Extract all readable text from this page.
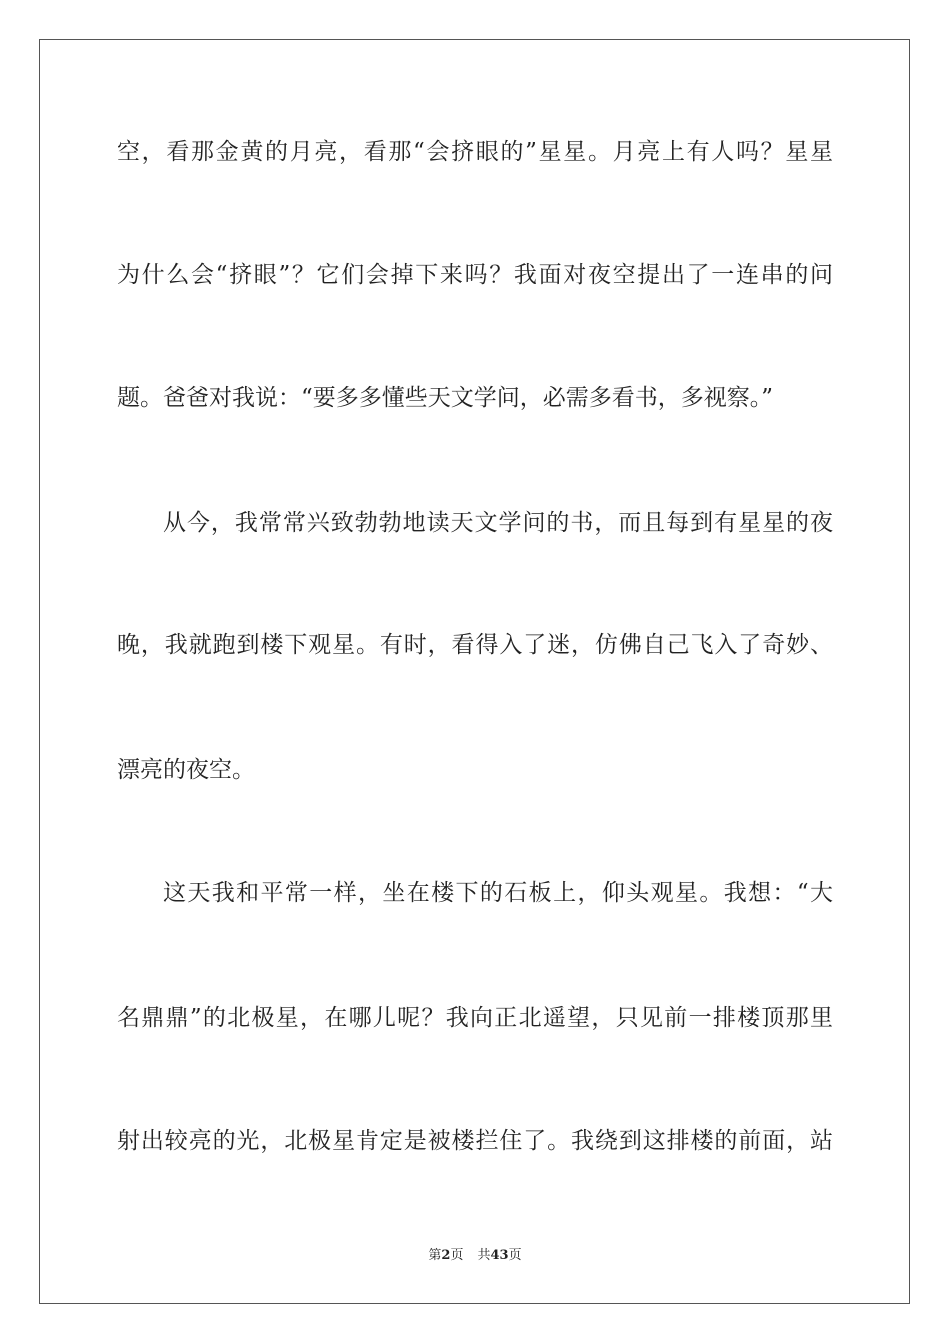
空，看那金黄的月亮，看那“会挤眼的”星星。月亮上有人吗？星星
为什么会“挤眼”？它们会掉下来吗？我面对夜空提出了一连串的问
题。爸爸对我说：“要多多懂些天文学问，必需多看书，多视察。”
从今，我常常兴致勃勃地读天文学问的书，而且每到有星星的夜
晚，我就跑到楼下观星。有时，看得入了迷，仿佛自己飞入了奇妙、
漂亮的夜空。
这天我和平常一样，坐在楼下的石板上，仰头观星。我想：“大
名鼎鼎”的北极星，在哪儿呢？我向正北遥望，只见前一排楼顶那里
射出较亮的光，北极星肯定是被楼拦住了。我绕到这排楼的前面，站
第2页 共43页
